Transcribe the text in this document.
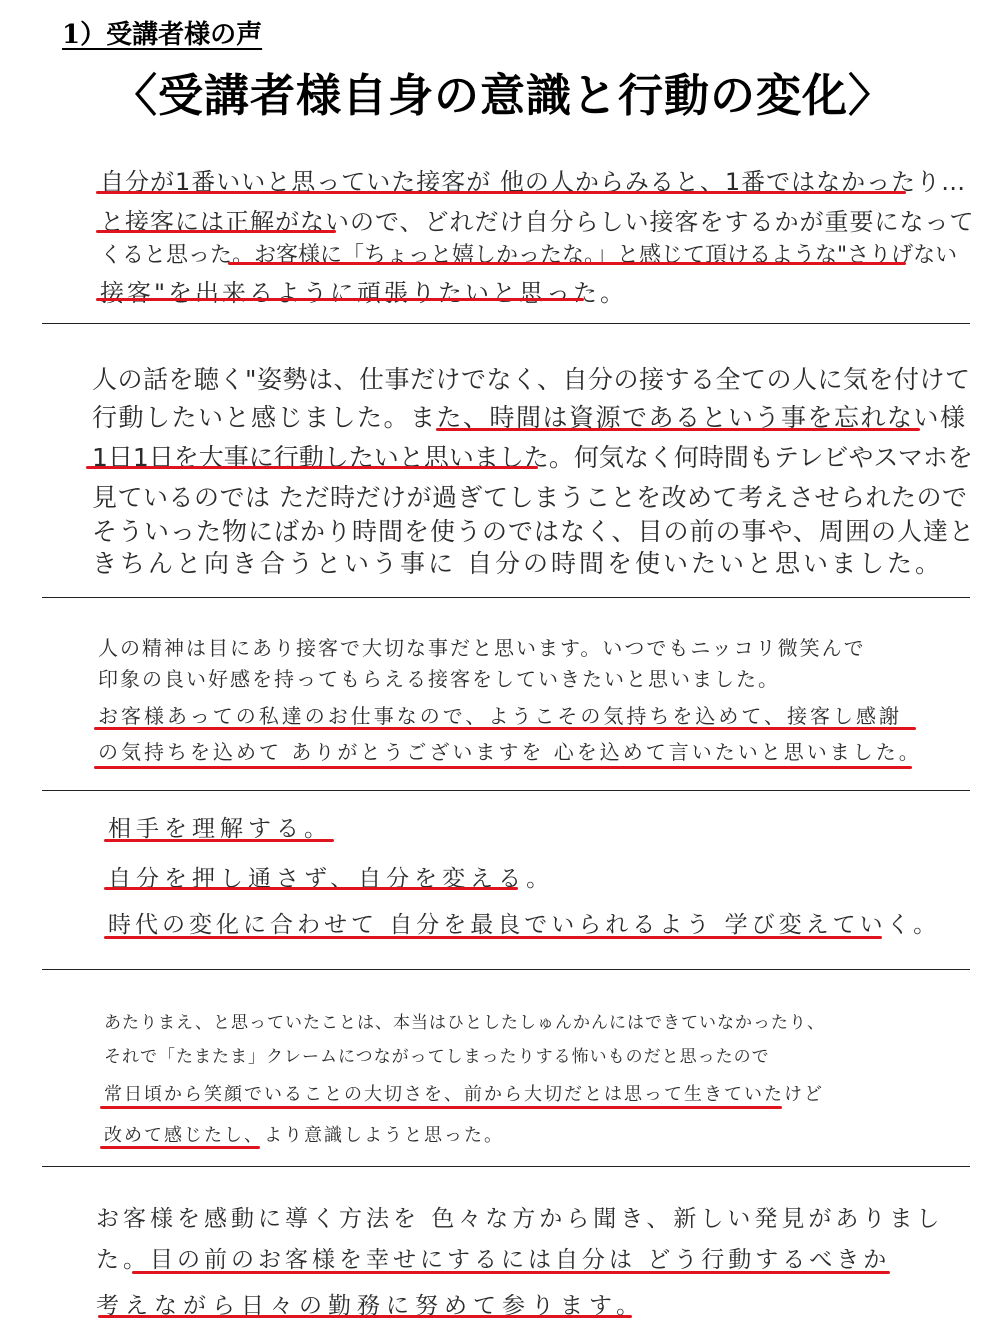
1）受講者様の声
〈受講者様自身の意識と行動の変化〉
自分が1番いいと思っていた接客が 他の人からみると、1番ではなかったり…
と接客には正解がないので、どれだけ自分らしい接客をするかが重要になって
くると思った。お客様に「ちょっと嬉しかったな。」と感じて頂けるような"さりげない
接客"を出来るように頑張りたいと思った。
人の話を聴く"姿勢は、仕事だけでなく、自分の接する全ての人に気を付けて
行動したいと感じました。また、時間は資源であるという事を忘れない様
1日1日を大事に行動したいと思いました。何気なく何時間もテレビやスマホを
見ているのでは ただ時だけが過ぎてしまうことを改めて考えさせられたので
そういった物にばかり時間を使うのではなく、目の前の事や、周囲の人達と
きちんと向き合うという事に 自分の時間を使いたいと思いました。
人の精神は目にあり接客で大切な事だと思います。いつでもニッコリ微笑んで
印象の良い好感を持ってもらえる接客をしていきたいと思いました。
お客様あっての私達のお仕事なので、ようこその気持ちを込めて、接客し感謝
の気持ちを込めて ありがとうございますを 心を込めて言いたいと思いました。
相手を理解する。
自分を押し通さず、自分を変える。
時代の変化に合わせて 自分を最良でいられるよう 学び変えていく。
あたりまえ、と思っていたことは、本当はひとしたしゅんかんにはできていなかったり、
それで「たまたま」クレームにつながってしまったりする怖いものだと思ったので
常日頃から笑顔でいることの大切さを、前から大切だとは思って生きていたけど
改めて感じたし、より意識しようと思った。
お客様を感動に導く方法を 色々な方から聞き、新しい発見がありまし
た。目の前のお客様を幸せにするには自分は どう行動するべきか
考えながら日々の勤務に努めて参ります。
